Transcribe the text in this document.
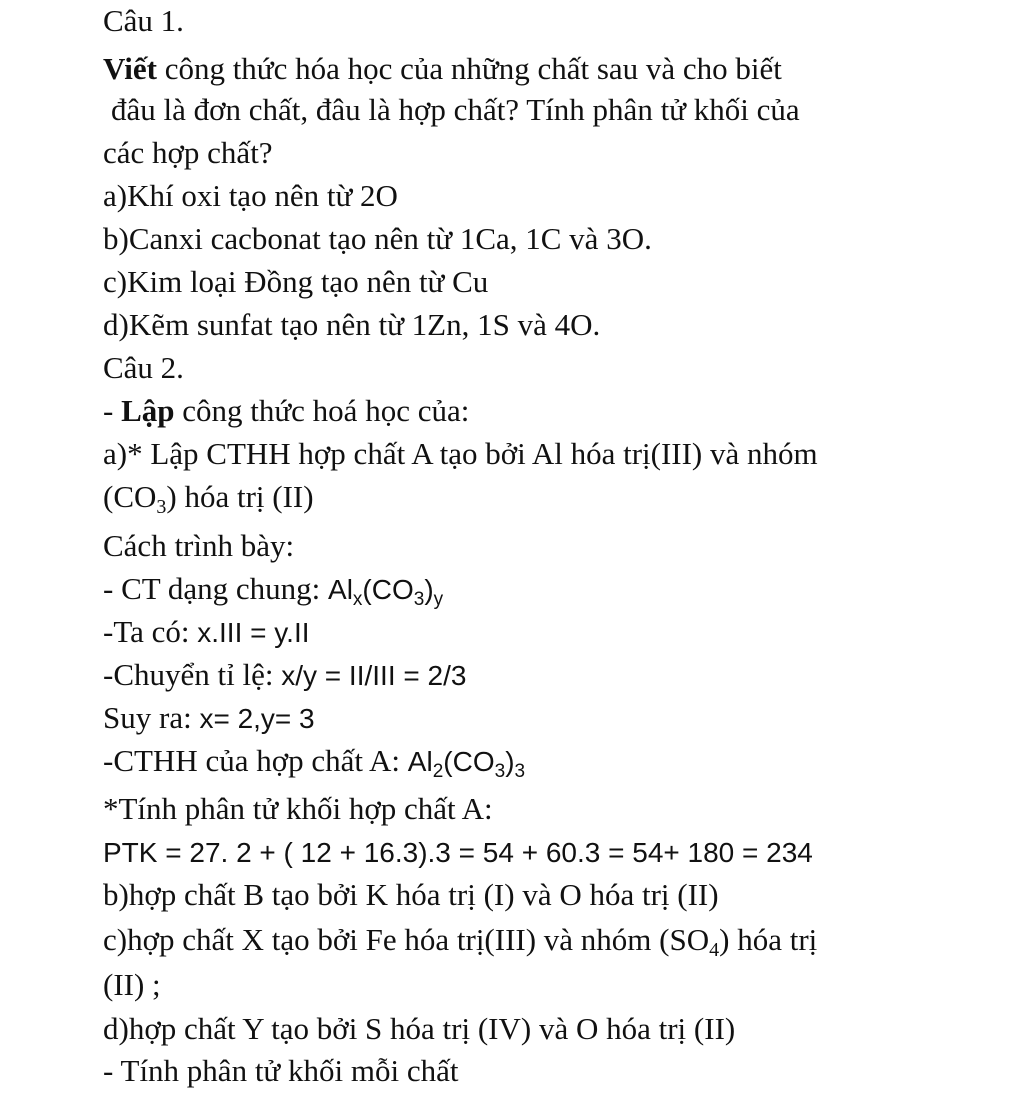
Câu 1.
Viết công thức hóa học của những chất sau và cho biết
đâu là đơn chất, đâu là hợp chất? Tính phân tử khối của
các hợp chất?
a)Khí oxi tạo nên từ 2O
b)Canxi cacbonat tạo nên từ 1Ca, 1C và 3O.
c)Kim loại Đồng tạo nên từ Cu
d)Kẽm sunfat tạo nên từ 1Zn, 1S và 4O.
Câu 2.
- Lập công thức hoá học của:
a)* Lập CTHH hợp chất A tạo bởi Al hóa trị(III) và nhóm
$(CO_3)$ hóa trị (II)
Cách trình bày:
- CT dạng chung: $Al_x(CO_3)_y$
-Ta có: x.III = y.II
-Chuyển tỉ lệ: x/y = II/III = 2/3
Suy ra: x= 2,y= 3
-CTHH của hợp chất A: $Al_2(CO_3)_3$
*Tính phân tử khối hợp chất A:
PTK = 27. 2 + ( 12 + 16.3).3 = 54 + 60.3 = 54+ 180 = 234
b)hợp chất B tạo bởi K hóa trị (I) và O hóa trị (II)
c)hợp chất X tạo bởi Fe hóa trị(III) và nhóm $(SO_4)$ hóa trị
(II) ;
d)hợp chất Y tạo bởi S hóa trị (IV) và O hóa trị (II)
- Tính phân tử khối mỗi chất
